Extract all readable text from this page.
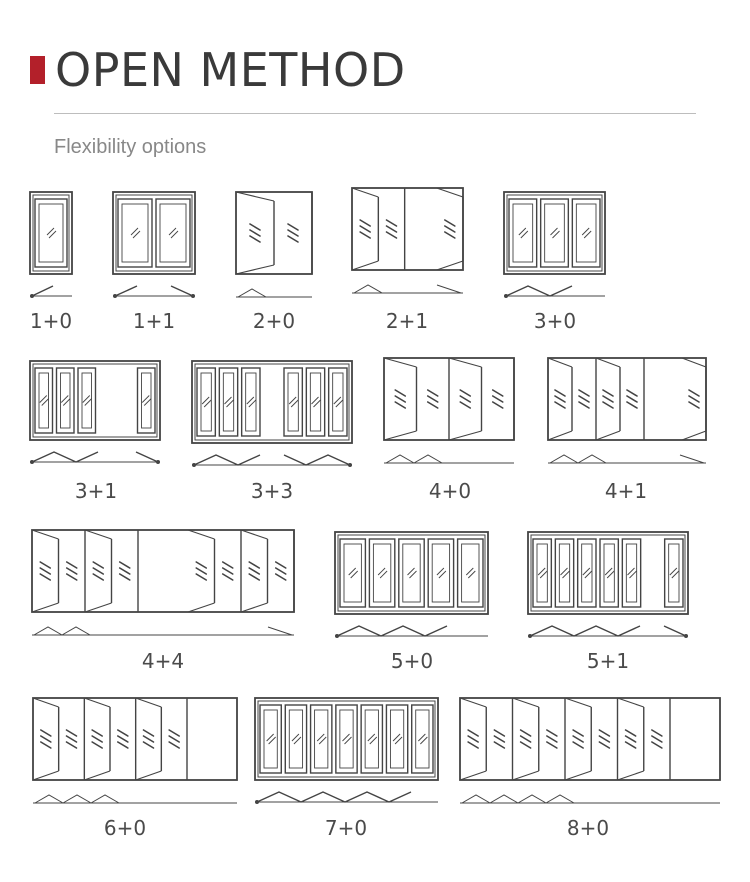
OPEN METHOD

Flexibility options

1+0	1+1	2+0	2+1	3+0
3+1	3+3	4+0	4+1
4+4	5+0	5+1
6+0	7+0	8+0
